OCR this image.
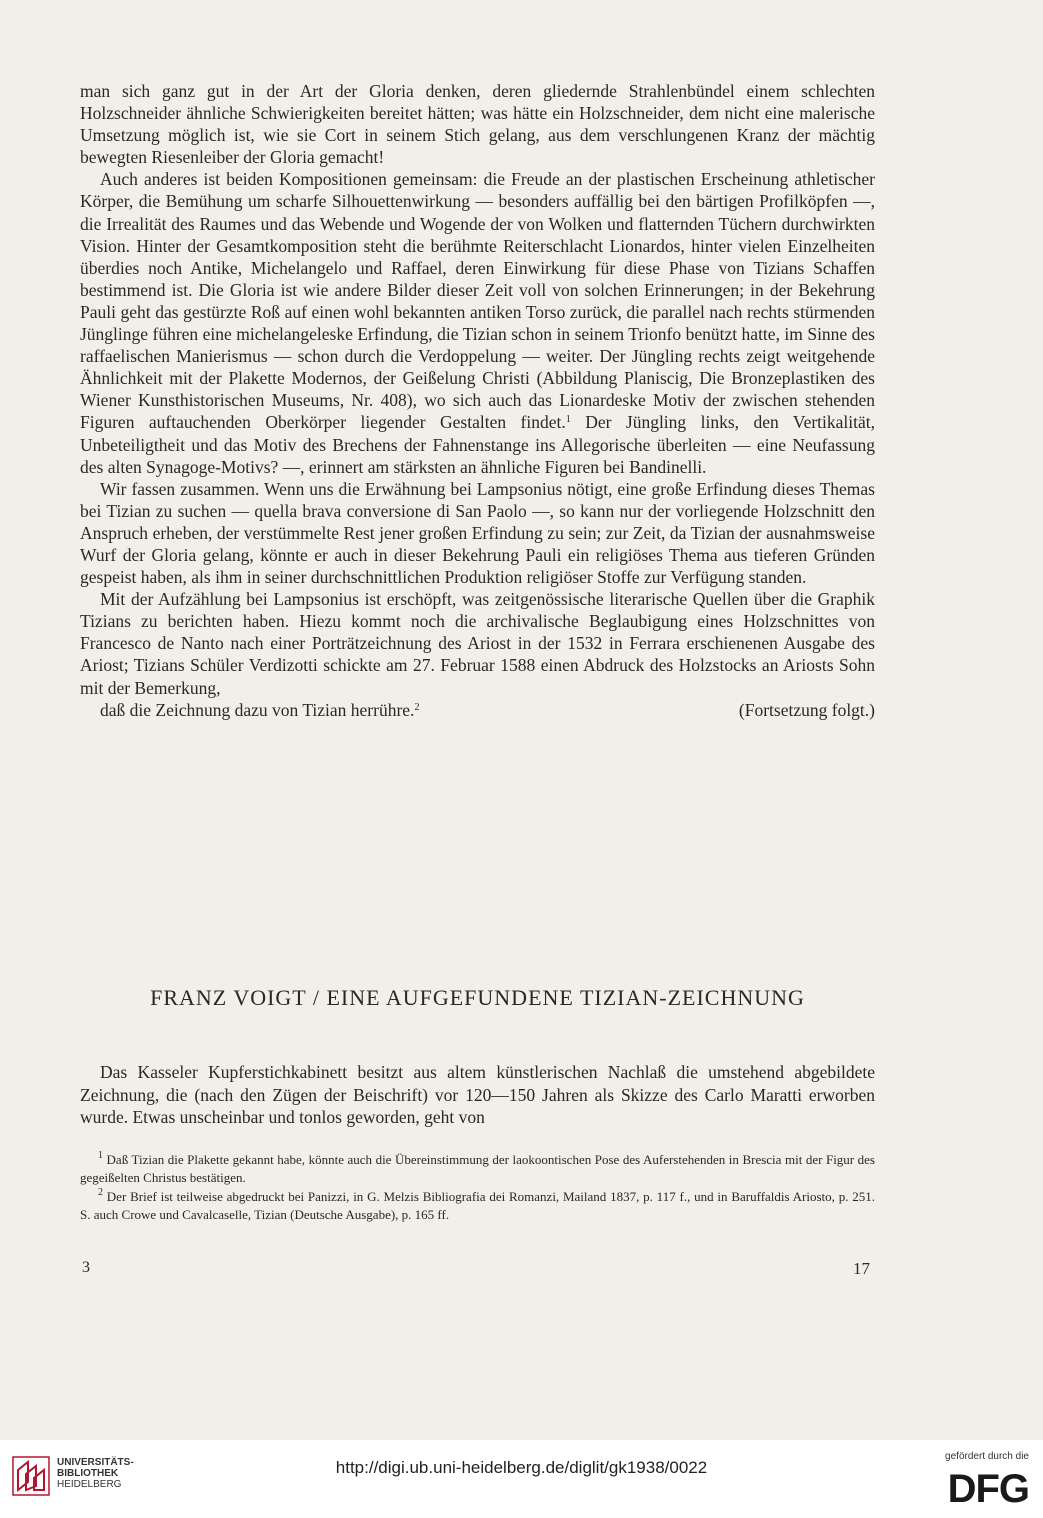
man sich ganz gut in der Art der Gloria denken, deren gliedernde Strahlenbündel einem schlechten Holzschneider ähnliche Schwierigkeiten bereitet hätten; was hätte ein Holzschneider, dem nicht eine malerische Umsetzung möglich ist, wie sie Cort in seinem Stich gelang, aus dem verschlungenen Kranz der mächtig bewegten Riesenleiber der Gloria gemacht!

Auch anderes ist beiden Kompositionen gemeinsam: die Freude an der plastischen Erscheinung athletischer Körper, die Bemühung um scharfe Silhouettenwirkung — besonders auffällig bei den bärtigen Profilköpfen —, die Irrealität des Raumes und das Webende und Wogende der von Wolken und flatternden Tüchern durchwirkten Vision. Hinter der Gesamtkomposition steht die berühmte Reiterschlacht Lionardos, hinter vielen Einzelheiten überdies noch Antike, Michelangelo und Raffael, deren Einwirkung für diese Phase von Tizians Schaffen bestimmend ist. Die Gloria ist wie andere Bilder dieser Zeit voll von solchen Erinnerungen; in der Bekehrung Pauli geht das gestürzte Roß auf einen wohl bekannten antiken Torso zurück, die parallel nach rechts stürmenden Jünglinge führen eine michelangeleske Erfindung, die Tizian schon in seinem Trionfo benützt hatte, im Sinne des raffaelischen Manierismus — schon durch die Verdoppelung — weiter. Der Jüngling rechts zeigt weitgehende Ähnlichkeit mit der Plakette Modernos, der Geißelung Christi (Abbildung Planiscig, Die Bronzeplastiken des Wiener Kunsthistorischen Museums, Nr. 408), wo sich auch das Lionardeske Motiv der zwischen stehenden Figuren auftauchenden Oberkörper liegender Gestalten findet.$^1$ Der Jüngling links, den Vertikalität, Unbeteiligtheit und das Motiv des Brechens der Fahnenstange ins Allegorische überleiten — eine Neufassung des alten Synagoge-Motivs? —, erinnert am stärksten an ähnliche Figuren bei Bandinelli.

Wir fassen zusammen. Wenn uns die Erwähnung bei Lampsonius nötigt, eine große Erfindung dieses Themas bei Tizian zu suchen — quella brava conversione di San Paolo —, so kann nur der vorliegende Holzschnitt den Anspruch erheben, der verstümmelte Rest jener großen Erfindung zu sein; zur Zeit, da Tizian der ausnahmsweise Wurf der Gloria gelang, könnte er auch in dieser Bekehrung Pauli ein religiöses Thema aus tieferen Gründen gespeist haben, als ihm in seiner durchschnittlichen Produktion religiöser Stoffe zur Verfügung standen.

Mit der Aufzählung bei Lampsonius ist erschöpft, was zeitgenössische literarische Quellen über die Graphik Tizians zu berichten haben. Hiezu kommt noch die archivalische Beglaubigung eines Holzschnittes von Francesco de Nanto nach einer Porträtzeichnung des Ariost in der 1532 in Ferrara erschienenen Ausgabe des Ariost; Tizians Schüler Verdizotti schickte am 27. Februar 1588 einen Abdruck des Holzstocks an Ariosts Sohn mit der Bemerkung,
daß die Zeichnung dazu von Tizian herrühre.$^2$	(Fortsetzung folgt.)

FRANZ VOIGT / EINE AUFGEFUNDENE TIZIAN-ZEICHNUNG

Das Kasseler Kupferstichkabinett besitzt aus altem künstlerischen Nachlaß die umstehend abgebildete Zeichnung, die (nach den Zügen der Beischrift) vor 120—150 Jahren als Skizze des Carlo Maratti erworben wurde. Etwas unscheinbar und tonlos geworden, geht von

$^1$ Daß Tizian die Plakette gekannt habe, könnte auch die Übereinstimmung der laokoontischen Pose des Auferstehenden in Brescia mit der Figur des gegeißelten Christus bestätigen.

$^2$ Der Brief ist teilweise abgedruckt bei Panizzi, in G. Melzis Bibliografia dei Romanzi, Mailand 1837, p. 117 f., und in Baruffaldis Ariosto, p. 251. S. auch Crowe und Cavalcaselle, Tizian (Deutsche Ausgabe), p. 165 ff.

3	17
UNIVERSITÄTS-
BIBLIOTHEK
HEIDELBERG
http://digi.ub.uni-heidelberg.de/diglit/gk1938/0022
gefördert durch die
DFG
